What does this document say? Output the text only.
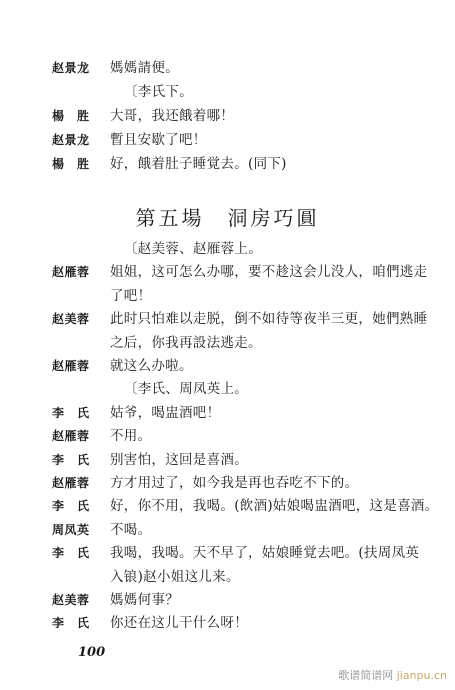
赵景龙	媽媽請便。
〔李氏下。
楊　胜	大哥，我还餓着哪！
赵景龙	暫且安歇了吧！
楊　胜	好，餓着肚子睡覚去。(同下)
第五場　洞房巧圓
〔赵美蓉、赵雁蓉上。
赵雁蓉	姐姐，这可怎么办哪，要不趁这会儿没人，咱們逃走
了吧！
赵美蓉	此时只怕难以走脱，倒不如待等夜半三更，她們熟睡
之后，你我再設法逃走。
赵雁蓉	就这么办啦。
〔李氏、周凤英上。
李　氏	姑爷，喝盅酒吧！
赵雁蓉	不用。
李　氏	别害怕，这回是喜酒。
赵雁蓉	方才用过了，如今我是再也吞吃不下的。
李　氏	好，你不用，我喝。(飲酒)姑娘喝盅酒吧，这是喜酒。
周凤英	不喝。
李　氏	我喝，我喝。天不早了，姑娘睡覚去吧。(扶周凤英
入锒)赵小姐这儿来。
赵美蓉	媽媽何事？
李　氏	你还在这儿干什么呀！
100
歌谱简谱网 jianpu.cn
